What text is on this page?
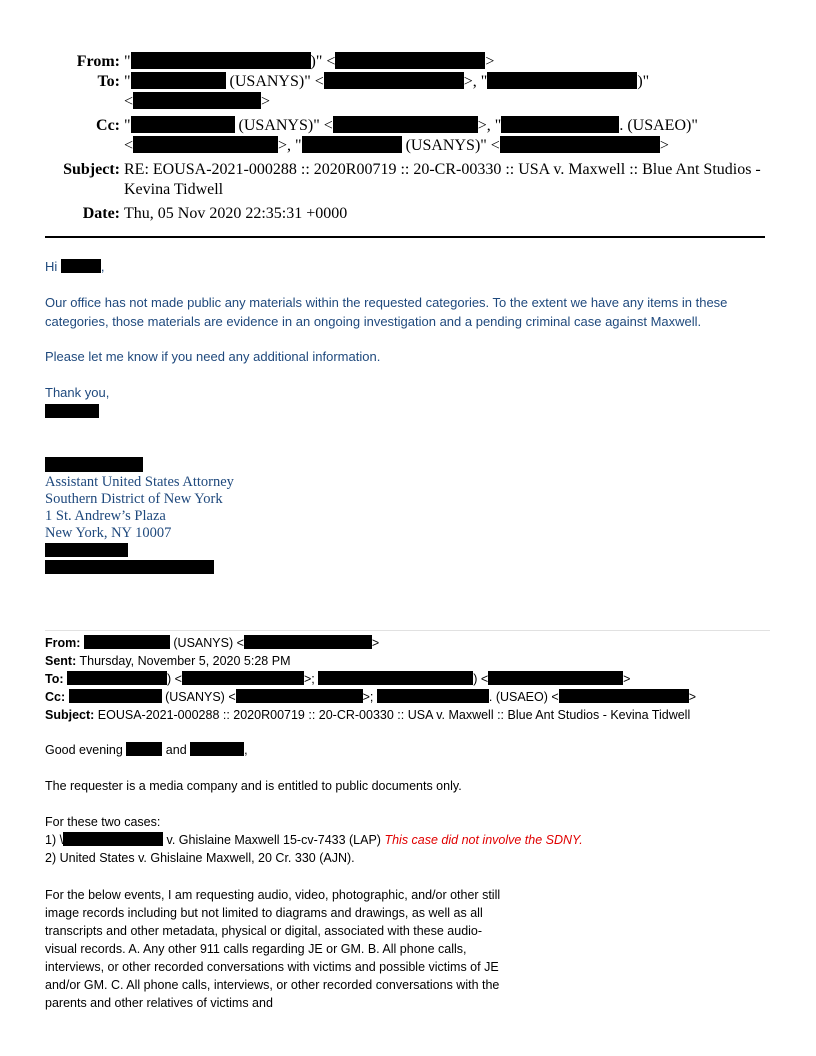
From: "	)" <	>
To: "	(USANYS)" <	>, "	)"
<	>
Cc: "	(USANYS)" <	>, "	. (USAEO)"
<	>, "	(USANYS)" <	>
Subject: RE: EOUSA-2021-000288 :: 2020R00719 :: 20-CR-00330 :: USA v. Maxwell :: Blue Ant Studios - Kevina Tidwell
Date: Thu, 05 Nov 2020 22:35:31 +0000
Hi	,
Our office has not made public any materials within the requested categories. To the extent we have any items in these categories, those materials are evidence in an ongoing investigation and a pending criminal case against Maxwell.
Please let me know if you need any additional information.
Thank you,
Assistant United States Attorney
Southern District of New York
1 St. Andrew’s Plaza
New York, NY 10007
From:	(USANYS) <	>
Sent: Thursday, November 5, 2020 5:28 PM
To:	) <	>;	) <	>
Cc:	(USANYS) <	>;	. (USAEO) <	>
Subject: EOUSA-2021-000288 :: 2020R00719 :: 20-CR-00330 :: USA v. Maxwell :: Blue Ant Studios - Kevina Tidwell
Good evening	and	,
The requester is a media company and is entitled to public documents only.
For these two cases:
1) \	v. Ghislaine Maxwell 15-cv-7433 (LAP) This case did not involve the SDNY.
2) United States v. Ghislaine Maxwell, 20 Cr. 330 (AJN).
For the below events, I am requesting audio, video, photographic, and/or other still image records including but not limited to diagrams and drawings, as well as all transcripts and other metadata, physical or digital, associated with these audio-visual records. A. Any other 911 calls regarding JE or GM. B. All phone calls, interviews, or other recorded conversations with victims and possible victims of JE and/or GM. C. All phone calls, interviews, or other recorded conversations with the parents and other relatives of victims and
